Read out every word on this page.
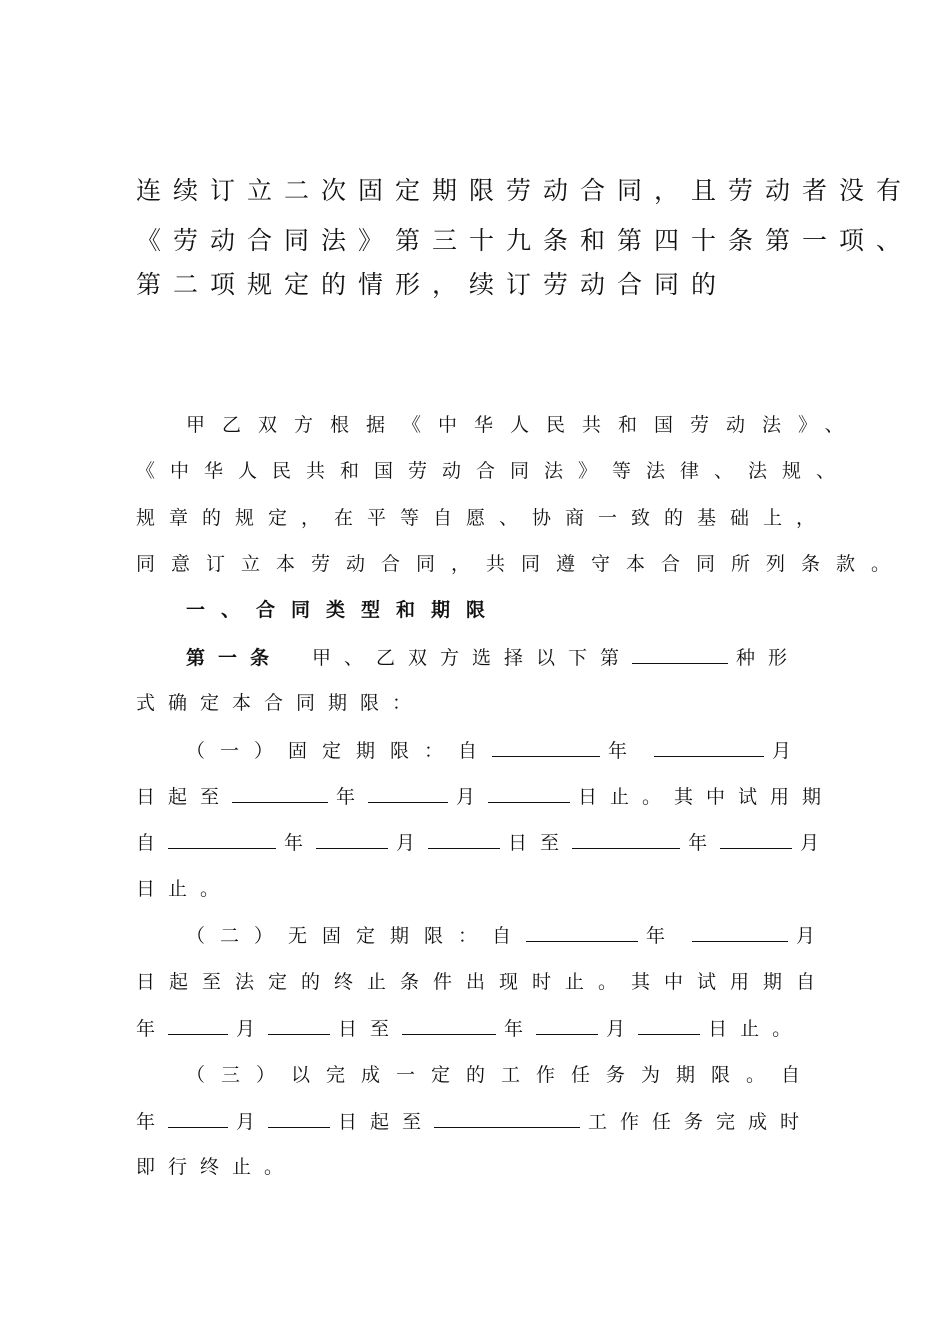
连续订立二次固定期限劳动合同，且劳动者没有
《劳动合同法》第三十九条和第四十条第一项、
第二项规定的情形，续订劳动合同的
甲乙双方根据《中华人民共和国劳动法》、
《中华人民共和国劳动合同法》等法律、法规、
规章的规定，在平等自愿、协商一致的基础上，
同意订立本劳动合同，共同遵守本合同所列条款。
一、合同类型和期限
第一条 甲、乙双方选择以下第	种形
式确定本合同期限：
（一）固定期限：自	年	月
日起至	年	月	日止。其中试用期
自	年	月	日至	年	月
日止。
（二）无固定期限：自	年	月
日起至法定的终止条件出现时止。其中试用期自
年	月	日至	年	月	日止。
（三）以完成一定的工作任务为期限。自
年	月	日起至	工作任务完成时
即行终止。
